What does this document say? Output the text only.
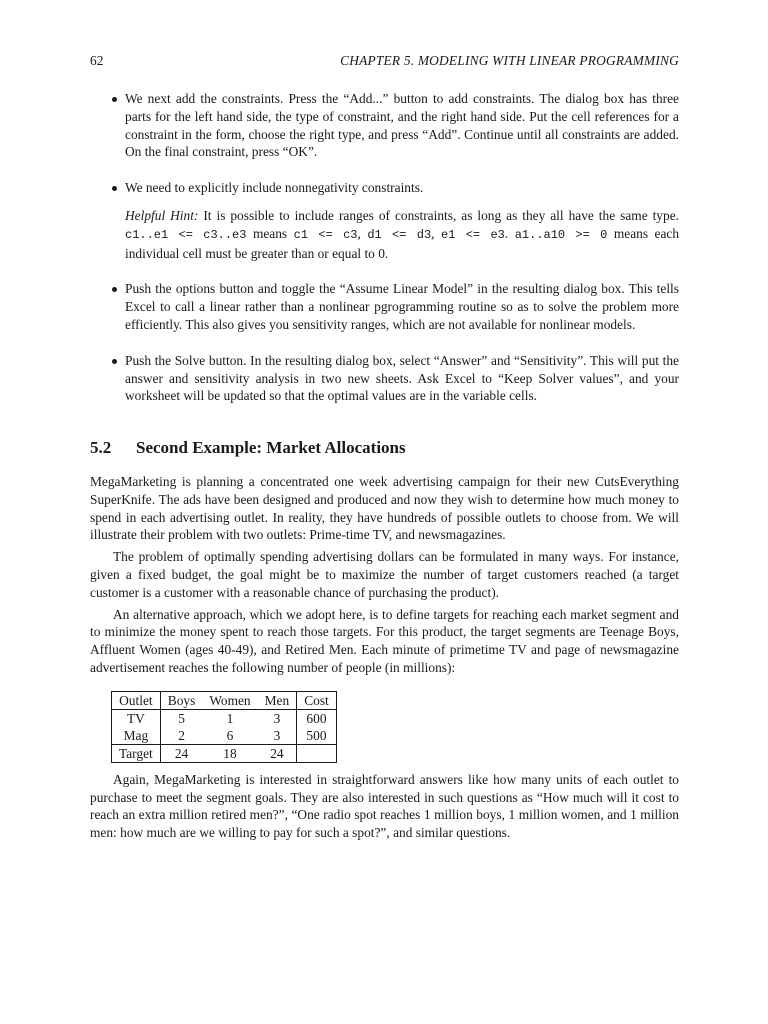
62	CHAPTER 5. MODELING WITH LINEAR PROGRAMMING
We next add the constraints. Press the “Add...” button to add constraints. The dialog box has three parts for the left hand side, the type of constraint, and the right hand side. Put the cell references for a constraint in the form, choose the right type, and press “Add”. Continue until all constraints are added. On the final constraint, press “OK”.
We need to explicitly include nonnegativity constraints.
Helpful Hint: It is possible to include ranges of constraints, as long as they all have the same type. c1..e1 <= c3..e3 means c1 <= c3, d1 <= d3, e1 <= e3. a1..a10 >= 0 means each individual cell must be greater than or equal to 0.
Push the options button and toggle the “Assume Linear Model” in the resulting dialog box. This tells Excel to call a linear rather than a nonlinear pgrogramming routine so as to solve the problem more efficiently. This also gives you sensitivity ranges, which are not available for nonlinear models.
Push the Solve button. In the resulting dialog box, select “Answer” and “Sensitivity”. This will put the answer and sensitivity analysis in two new sheets. Ask Excel to “Keep Solver values”, and your worksheet will be updated so that the optimal values are in the variable cells.
5.2	Second Example: Market Allocations

MegaMarketing is planning a concentrated one week advertising campaign for their new CutsEverything SuperKnife. The ads have been designed and produced and now they wish to determine how much money to spend in each advertising outlet. In reality, they have hundreds of possible outlets to choose from. We will illustrate their problem with two outlets: Prime-time TV, and newsmagazines.

The problem of optimally spending advertising dollars can be formulated in many ways. For instance, given a fixed budget, the goal might be to maximize the number of target customers reached (a target customer is a customer with a reasonable chance of purchasing the product).

An alternative approach, which we adopt here, is to define targets for reaching each market segment and to minimize the money spent to reach those targets. For this product, the target segments are Teenage Boys, Affluent Women (ages 40-49), and Retired Men. Each minute of primetime TV and page of newsmagazine advertisement reaches the following number of people (in millions):

Outlet	Boys	Women	Men	Cost
TV	5	1	3	600
Mag	2	6	3	500
Target	24	18	24	

Again, MegaMarketing is interested in straightforward answers like how many units of each outlet to purchase to meet the segment goals. They are also interested in such questions as “How much will it cost to reach an extra million retired men?”, “One radio spot reaches 1 million boys, 1 million women, and 1 million men: how much are we willing to pay for such a spot?”, and similar questions.
